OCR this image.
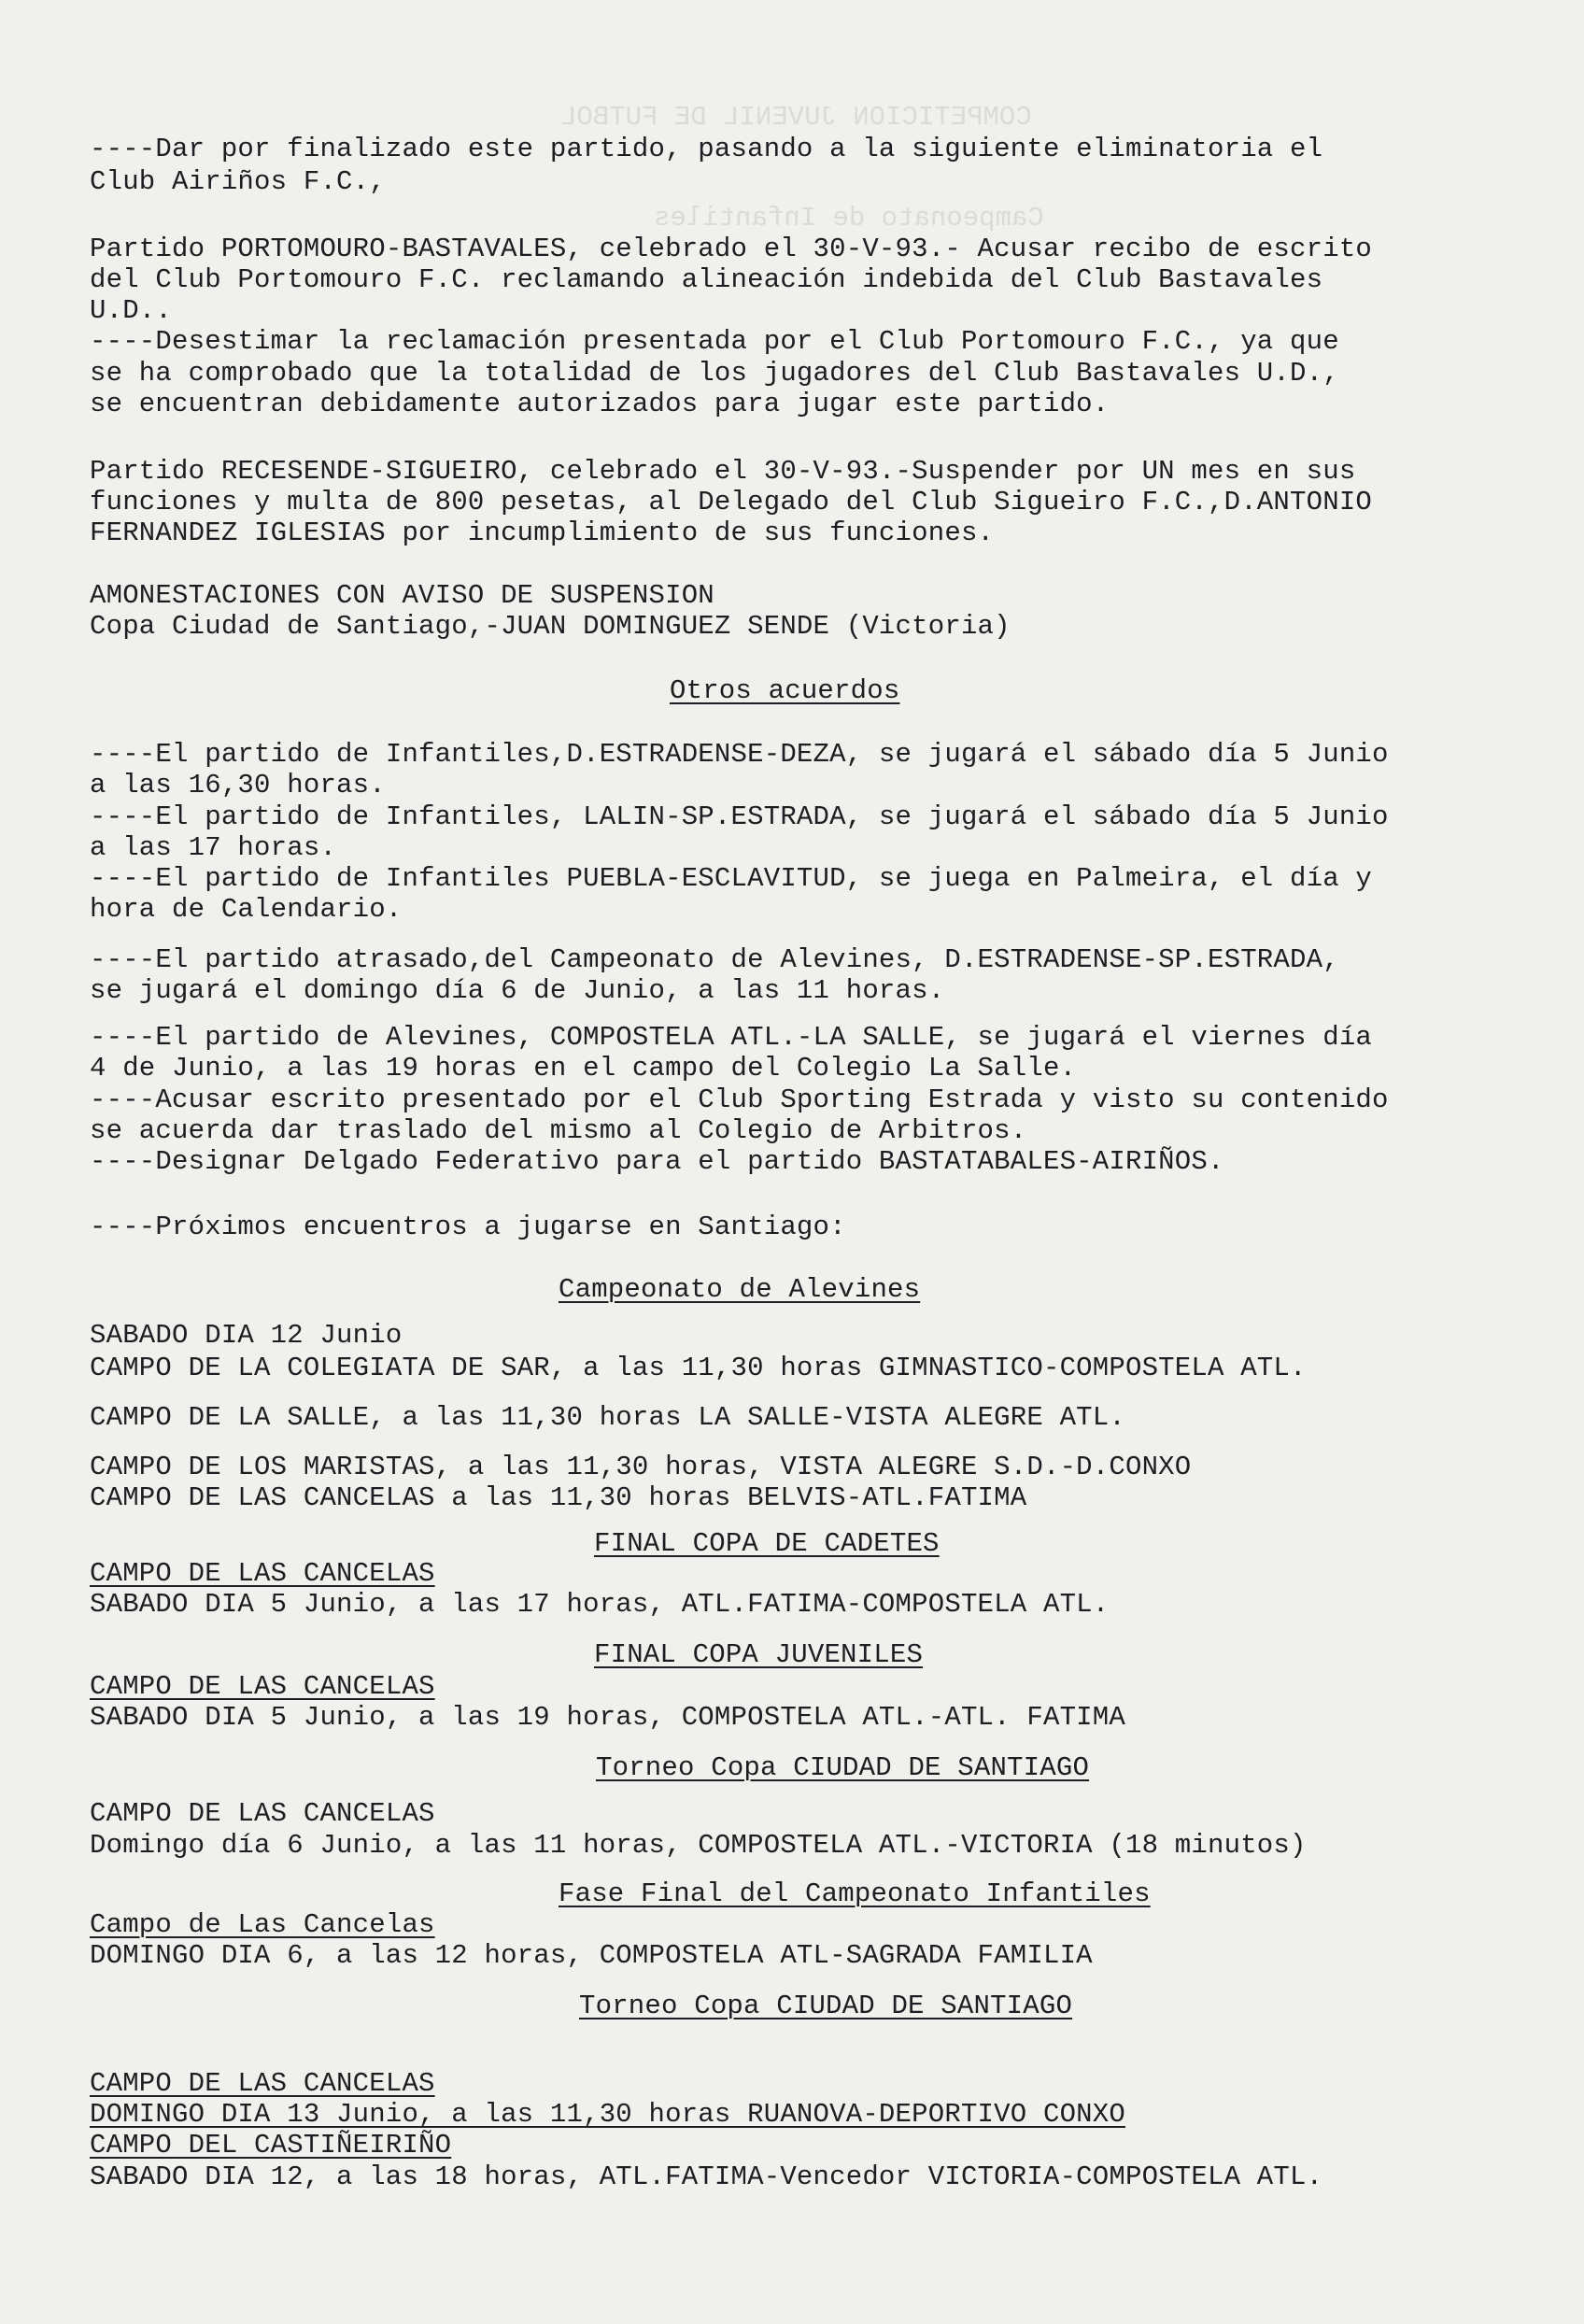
COMPETICION JUVENIL DE FUTBOL
Campeonato de Infantiles

----Dar por finalizado este partido, pasando a la siguiente eliminatoria el

Club Airiños F.C.,

Partido PORTOMOURO-BASTAVALES, celebrado el 30-V-93.- Acusar recibo de escrito

del Club Portomouro F.C. reclamando alineación indebida del Club Bastavales

U.D..

----Desestimar la reclamación presentada por el Club Portomouro F.C., ya que

se ha comprobado que la totalidad de los jugadores del Club Bastavales U.D.,

se encuentran debidamente autorizados para jugar este partido.

Partido RECESENDE-SIGUEIRO, celebrado el 30-V-93.-Suspender por UN mes en sus

funciones y multa de 800 pesetas, al Delegado del Club Sigueiro F.C.,D.ANTONIO

FERNANDEZ IGLESIAS por incumplimiento de sus funciones.

AMONESTACIONES CON AVISO DE SUSPENSION

Copa Ciudad de Santiago,-JUAN DOMINGUEZ SENDE (Victoria)

Otros acuerdos

----El partido de Infantiles,D.ESTRADENSE-DEZA, se jugará el sábado día 5 Junio

a las 16,30 horas.

----El partido de Infantiles, LALIN-SP.ESTRADA, se jugará el sábado día 5 Junio

a las 17 horas.

----El partido de Infantiles PUEBLA-ESCLAVITUD, se juega en Palmeira, el día y

hora de Calendario.

----El partido atrasado,del Campeonato de Alevines, D.ESTRADENSE-SP.ESTRADA,

se jugará el domingo día 6 de Junio, a las 11 horas.

----El partido de Alevines, COMPOSTELA ATL.-LA SALLE, se jugará el viernes día

4 de Junio, a las 19 horas en el campo del Colegio La Salle.

----Acusar escrito presentado por el Club Sporting Estrada y visto su contenido

se acuerda dar traslado del mismo al Colegio de Arbitros.

----Designar Delgado Federativo para el partido BASTATABALES-AIRIÑOS.

----Próximos encuentros a jugarse en Santiago:

Campeonato de Alevines

SABADO DIA 12 Junio

CAMPO DE LA COLEGIATA DE SAR, a las 11,30 horas GIMNASTICO-COMPOSTELA ATL.

CAMPO DE LA SALLE, a las 11,30 horas LA SALLE-VISTA ALEGRE ATL.

CAMPO DE LOS MARISTAS, a las 11,30 horas, VISTA ALEGRE S.D.-D.CONXO

CAMPO DE LAS CANCELAS a las 11,30 horas BELVIS-ATL.FATIMA

FINAL COPA DE CADETES

CAMPO DE LAS CANCELAS

SABADO DIA 5 Junio, a las 17 horas, ATL.FATIMA-COMPOSTELA ATL.

FINAL COPA JUVENILES

CAMPO DE LAS CANCELAS

SABADO DIA 5 Junio, a las 19 horas, COMPOSTELA ATL.-ATL. FATIMA

Torneo Copa CIUDAD DE SANTIAGO

CAMPO DE LAS CANCELAS

Domingo día 6 Junio, a las 11 horas, COMPOSTELA ATL.-VICTORIA (18 minutos)

Fase Final del Campeonato Infantiles

Campo de Las Cancelas

DOMINGO DIA 6, a las 12 horas, COMPOSTELA ATL-SAGRADA FAMILIA

Torneo Copa CIUDAD DE SANTIAGO

CAMPO DE LAS CANCELAS

DOMINGO DIA 13 Junio, a las 11,30 horas RUANOVA-DEPORTIVO CONXO

CAMPO DEL CASTIÑEIRIÑO

SABADO DIA 12, a las 18 horas, ATL.FATIMA-Vencedor VICTORIA-COMPOSTELA ATL.
